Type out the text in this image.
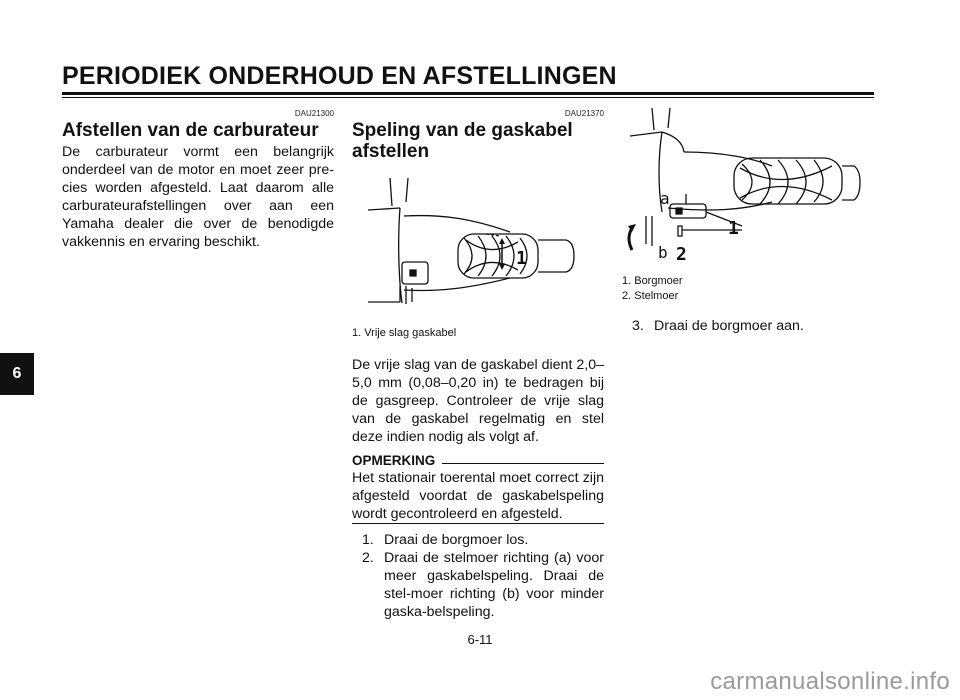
PERIODIEK ONDERHOUD EN AFSTELLINGEN
6
DAU21300
Afstellen van de carburateur
De carburateur vormt een belangrijk onderdeel van de motor en moet zeer pre-cies worden afgesteld. Laat daarom alle carburateurafstellingen over aan een Yamaha dealer die over de benodigde vakkennis en ervaring beschikt.
DAU21370
Speling van de gaskabel
afstellen
1
1. Vrije slag gaskabel
De vrije slag van de gaskabel dient 2,0–5,0 mm (0,08–0,20 in) te bedragen bij de gasgreep. Controleer de vrije slag van de gaskabel regelmatig en stel deze indien nodig als volgt af.
OPMERKING
Het stationair toerental moet correct zijn afgesteld voordat de gaskabelspeling wordt gecontroleerd en afgesteld.
1. Draai de borgmoer los.
2. Draai de stelmoer richting (a) voor meer gaskabelspeling. Draai de stel-moer richting (b) voor minder gaska-belspeling.
a
b
1
2
1. Borgmoer
2. Stelmoer
3. Draai de borgmoer aan.
6-11
carmanualsonline.info
